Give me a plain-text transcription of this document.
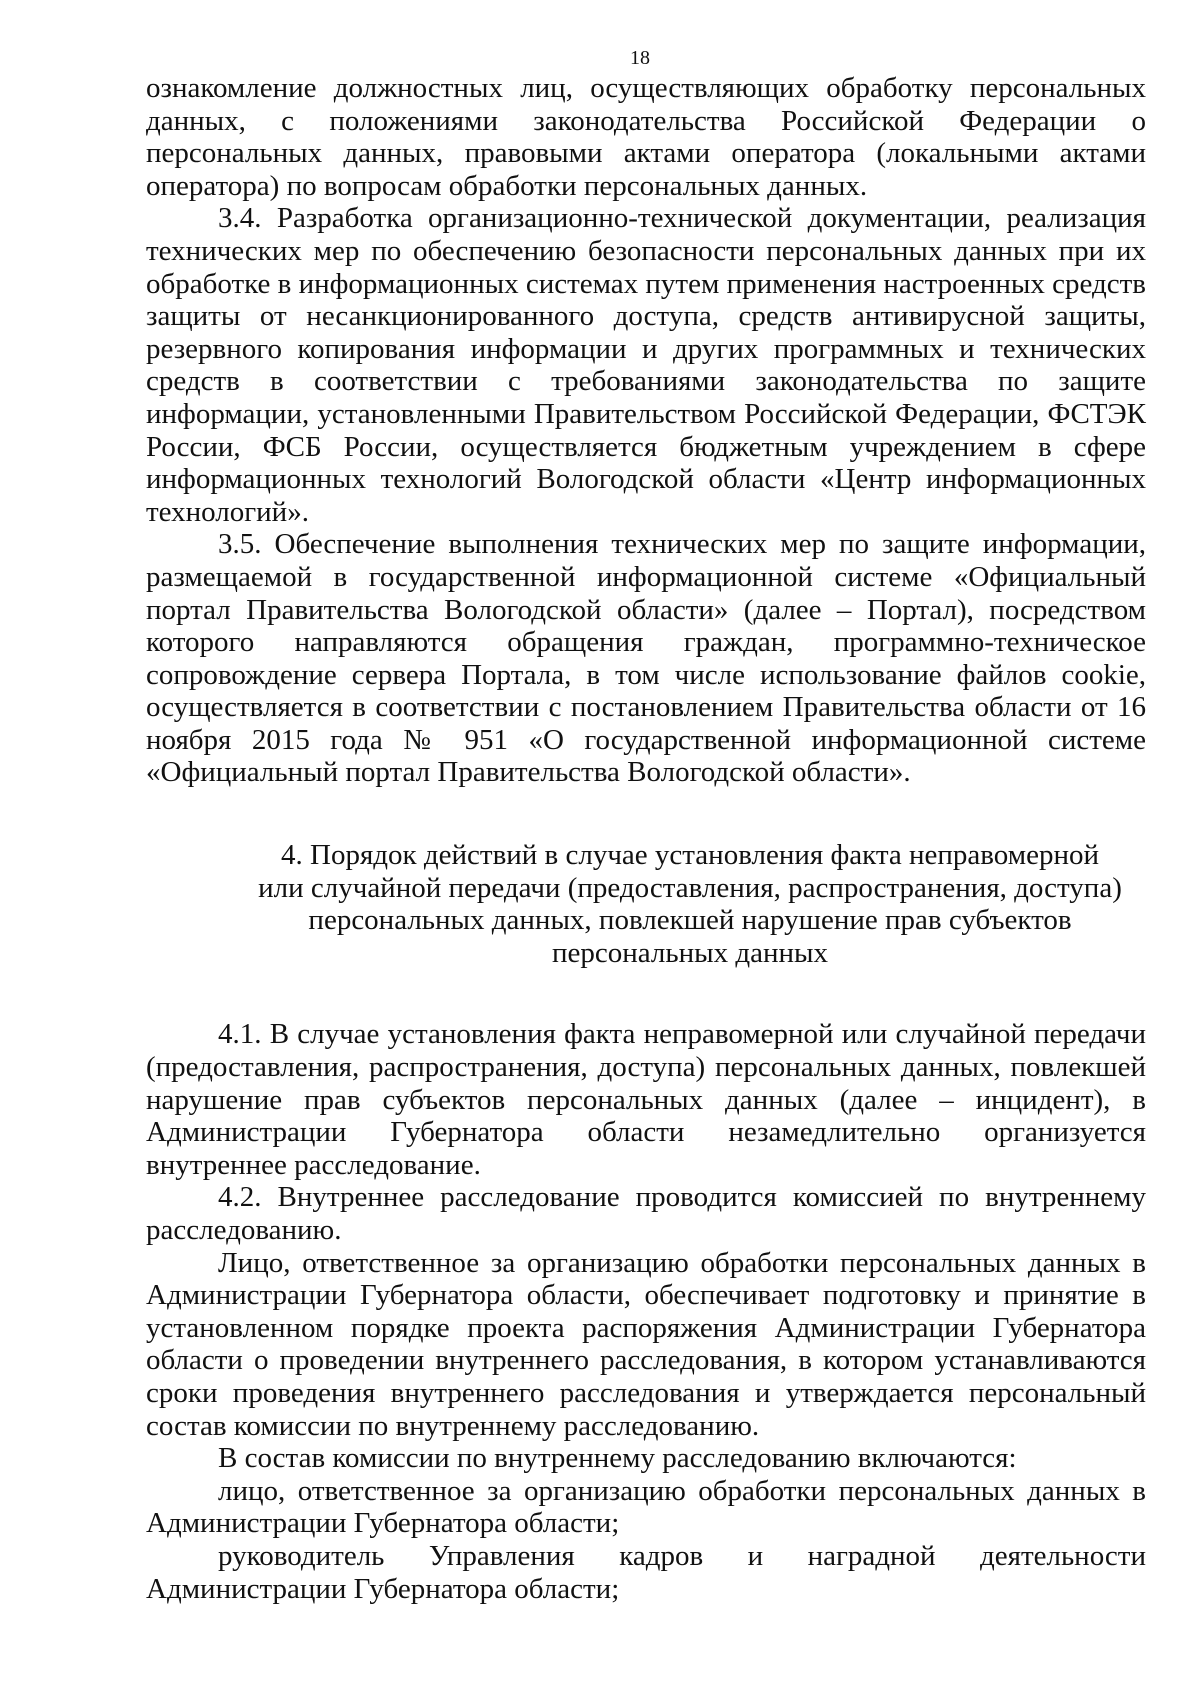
18

ознакомление должностных лиц, осуществляющих обработку персональных данных, с положениями законодательства Российской Федерации о персональных данных, правовыми актами оператора (локальными актами оператора) по вопросам обработки персональных данных.

3.4. Разработка организационно-технической документации, реализация технических мер по обеспечению безопасности персональных данных при их обработке в информационных системах путем применения настроенных средств защиты от несанкционированного доступа, средств антивирусной защиты, резервного копирования информации и других программных и технических средств в соответствии с требованиями законодательства по защите информации, установленными Правительством Российской Федерации, ФСТЭК России, ФСБ России, осуществляется бюджетным учреждением в сфере информационных технологий Вологодской области «Центр информационных технологий».

3.5. Обеспечение выполнения технических мер по защите информации, размещаемой в государственной информационной системе «Официальный портал Правительства Вологодской области» (далее – Портал), посредством которого направляются обращения граждан, программно-техническое сопровождение сервера Портала, в том числе использование файлов cookie, осуществляется в соответствии с постановлением Правительства области от 16 ноября 2015 года № 951 «О государственной информационной системе «Официальный портал Правительства Вологодской области».

4. Порядок действий в случае установления факта неправомерной
или случайной передачи (предоставления, распространения, доступа)
персональных данных, повлекшей нарушение прав субъектов
персональных данных

4.1. В случае установления факта неправомерной или случайной передачи (предоставления, распространения, доступа) персональных данных, повлекшей нарушение прав субъектов персональных данных (далее – инцидент), в Администрации Губернатора области незамедлительно организуется внутреннее расследование.

4.2. Внутреннее расследование проводится комиссией по внутреннему расследованию.

Лицо, ответственное за организацию обработки персональных данных в Администрации Губернатора области, обеспечивает подготовку и принятие в установленном порядке проекта распоряжения Администрации Губернатора области о проведении внутреннего расследования, в котором устанавливаются сроки проведения внутреннего расследования и утверждается персональный состав комиссии по внутреннему расследованию.

В состав комиссии по внутреннему расследованию включаются:

лицо, ответственное за организацию обработки персональных данных в Администрации Губернатора области;

руководитель Управления кадров и наградной деятельности Администрации Губернатора области;
